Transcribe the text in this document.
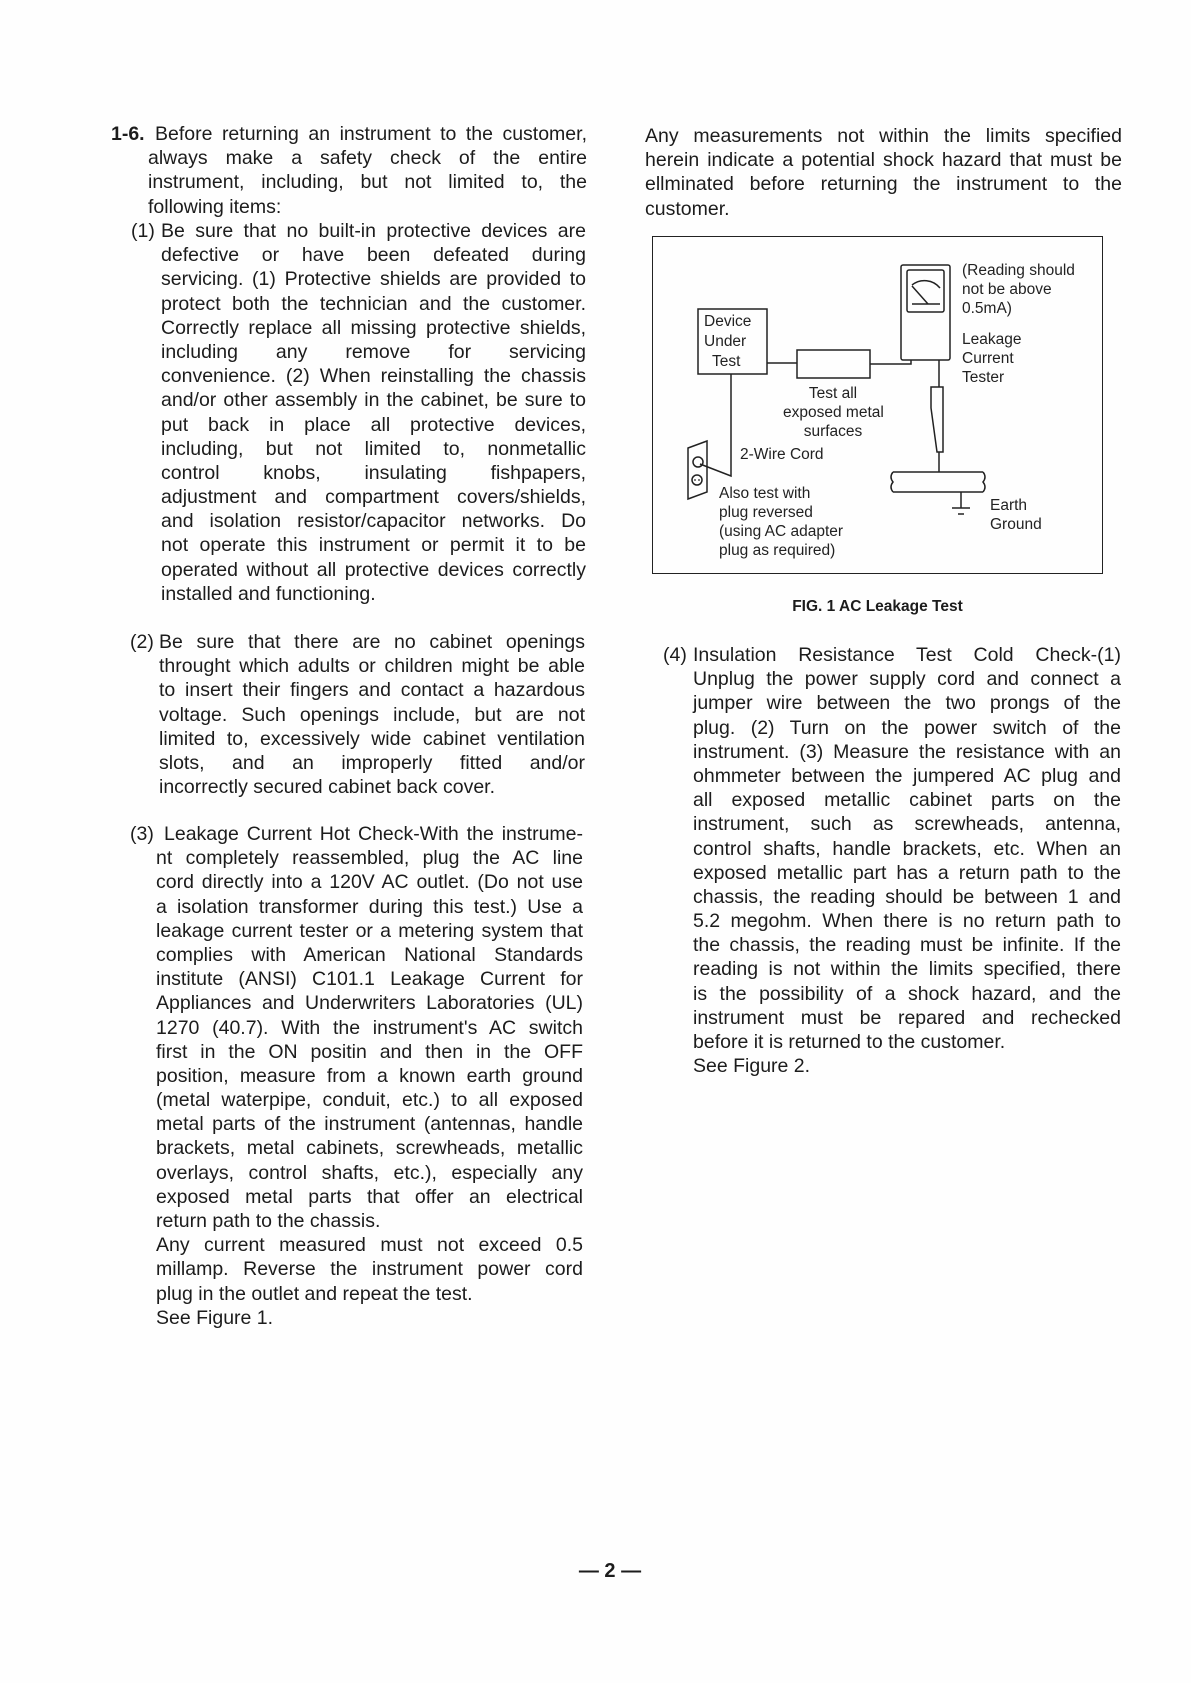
1-6. Before returning an instrument to the customer,
always make a safety check of the entire
instrument, including, but not limited to, the
following items:
(1) Be sure that no built-in protective devices are
defective or have been defeated during
servicing. (1) Protective shields are provided to
protect both the technician and the customer.
Correctly replace all missing protective shields,
including any remove for servicing
convenience. (2) When reinstalling the chassis
and/or other assembly in the cabinet, be sure to
put back in place all protective devices,
including, but not limited to, nonmetallic
control knobs, insulating fishpapers,
adjustment and compartment covers/shields,
and isolation resistor/capacitor networks. Do
not operate this instrument or permit it to be
operated without all protective devices correctly
installed and functioning.
(2) Be sure that there are no cabinet openings
throught which adults or children might be able
to insert their fingers and contact a hazardous
voltage. Such openings include, but are not
limited to, excessively wide cabinet ventilation
slots, and an improperly fitted and/or
incorrectly secured cabinet back cover.
(3) Leakage Current Hot Check-With the instrume-
nt completely reassembled, plug the AC line
cord directly into a 120V AC outlet. (Do not use
a isolation transformer during this test.) Use a
leakage current tester or a metering system that
complies with American National Standards
institute (ANSI) C101.1 Leakage Current for
Appliances and Underwriters Laboratories (UL)
1270 (40.7). With the instrument's AC switch
first in the ON positin and then in the OFF
position, measure from a known earth ground
(metal waterpipe, conduit, etc.) to all exposed
metal parts of the instrument (antennas, handle
brackets, metal cabinets, screwheads, metallic
overlays, control shafts, etc.), especially any
exposed metal parts that offer an electrical
return path to the chassis.
Any current measured must not exceed 0.5
millamp. Reverse the instrument power cord
plug in the outlet and repeat the test.
See Figure 1.
Any measurements not within the limits specified
herein indicate a potential shock hazard that must be
ellminated before returning the instrument to the
customer.
Device
Under
Test
Test all
exposed metal
surfaces
2-Wire Cord
Also test with
plug reversed
(using AC adapter
plug as required)
(Reading should
not be above
0.5mA)
Leakage
Current
Tester
Earth
Ground
FIG. 1 AC Leakage Test
(4) Insulation Resistance Test Cold Check-(1)
Unplug the power supply cord and connect a
jumper wire between the two prongs of the
plug. (2) Turn on the power switch of the
instrument. (3) Measure the resistance with an
ohmmeter between the jumpered AC plug and
all exposed metallic cabinet parts on the
instrument, such as screwheads, antenna,
control shafts, handle brackets, etc. When an
exposed metallic part has a return path to the
chassis, the reading should be between 1 and
5.2 megohm. When there is no return path to
the chassis, the reading must be infinite. If the
reading is not within the limits specified, there
is the possibility of a shock hazard, and the
instrument must be repared and rechecked
before it is returned to the customer.
See Figure 2.
— 2 —
